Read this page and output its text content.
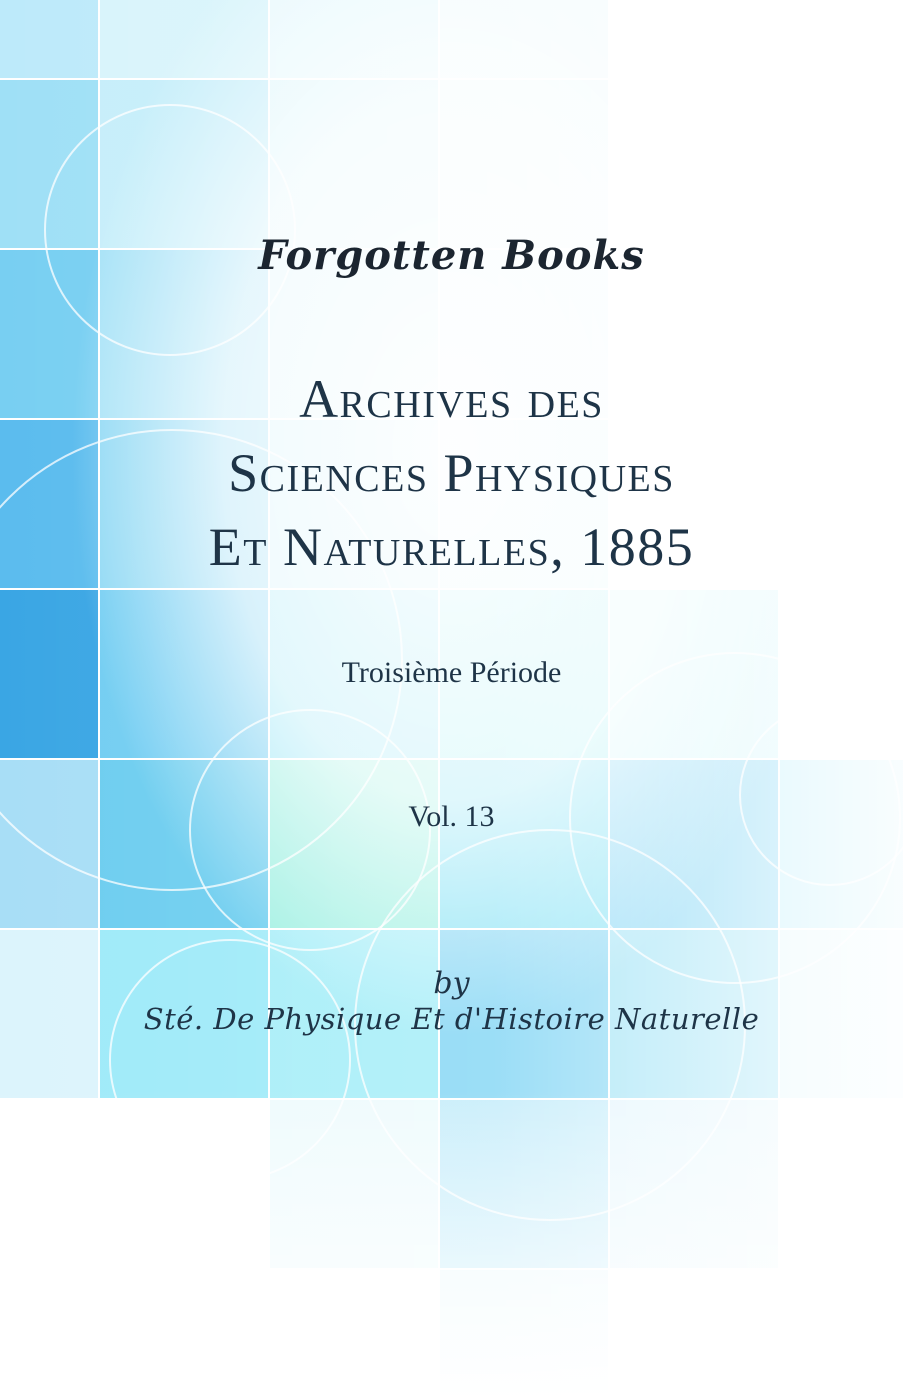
Forgotten Books
Archives des
Sciences Physiques
Et Naturelles, 1885
Troisième Période
Vol. 13
by
Sté. De Physique Et d'Histoire Naturelle
